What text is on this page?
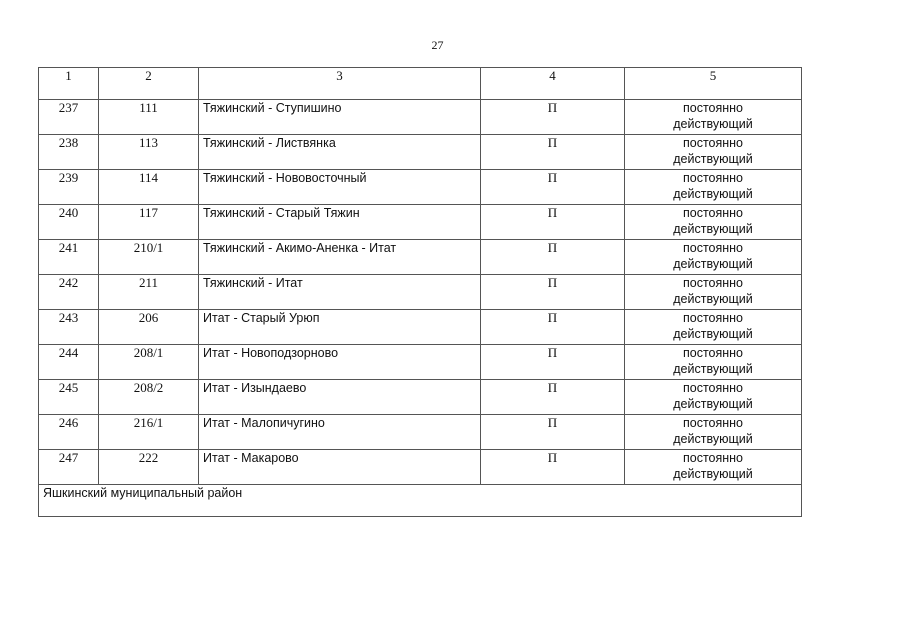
27
1	2	3	4	5
237	111	Тяжинский - Ступишино	П	постоянно
действующий

238	113	Тяжинский - Листвянка	П	постоянно
действующий

239	114	Тяжинский - Нововосточный	П	постоянно
действующий

240	117	Тяжинский - Старый Тяжин	П	постоянно
действующий

241	210/1	Тяжинский - Акимо-Аненка - Итат	П	постоянно
действующий

242	211	Тяжинский - Итат	П	постоянно
действующий

243	206	Итат - Старый Урюп	П	постоянно
действующий

244	208/1	Итат - Новоподзорново	П	постоянно
действующий

245	208/2	Итат - Изындаево	П	постоянно
действующий

246	216/1	Итат - Малопичугино	П	постоянно
действующий

247	222	Итат - Макарово	П	постоянно
действующий

Яшкинский муниципальный район				
